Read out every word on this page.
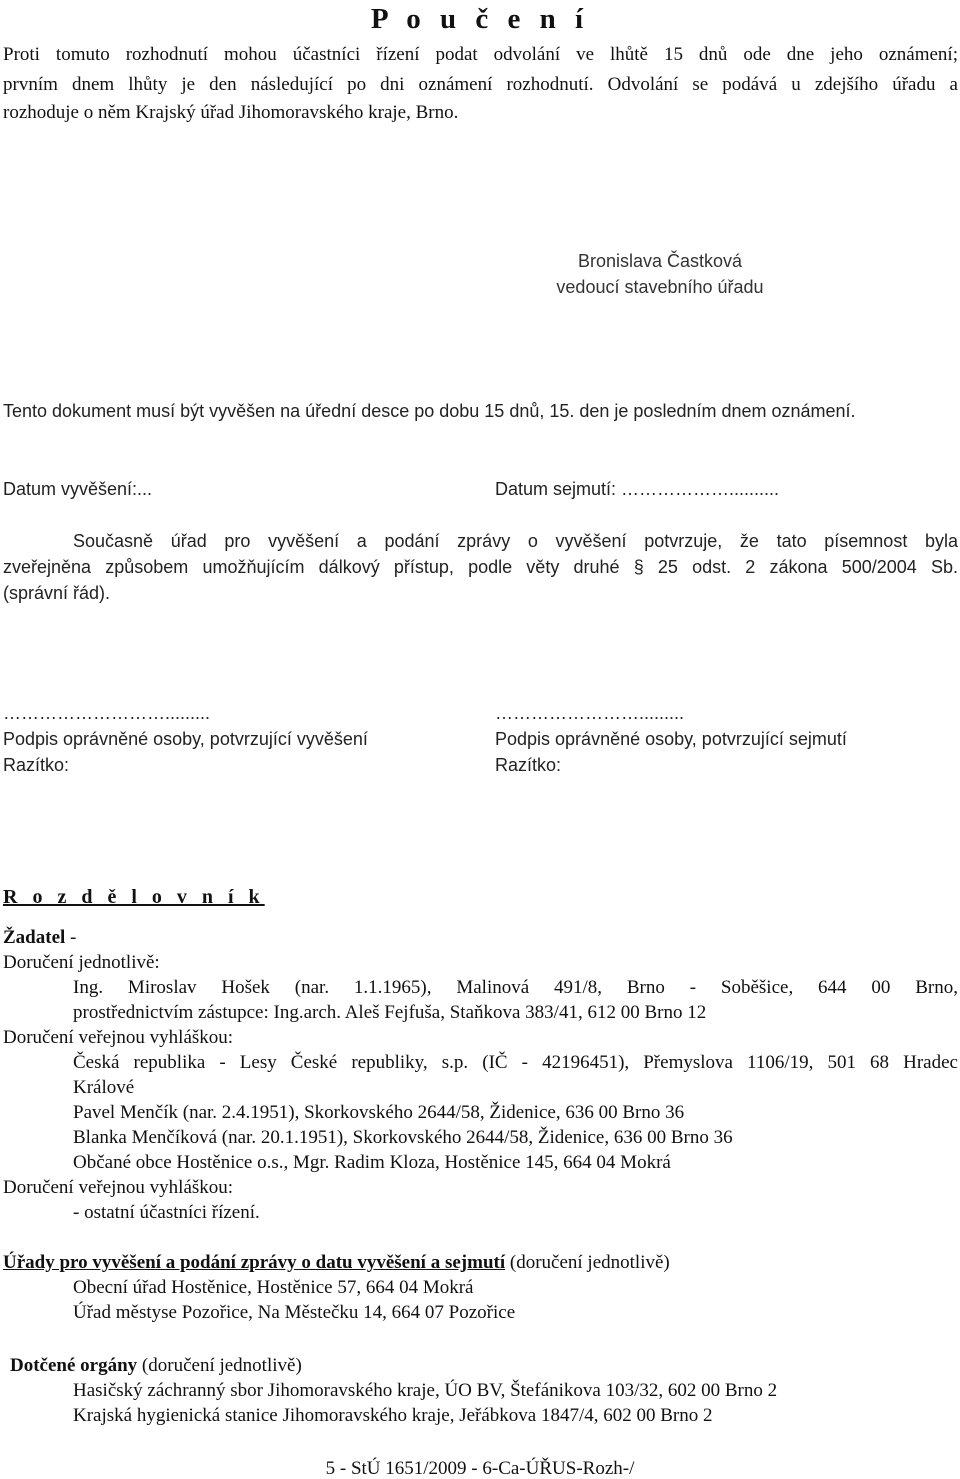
P o u č e n í
Proti tomuto rozhodnutí mohou účastníci řízení podat odvolání ve lhůtě 15 dnů ode dne jeho oznámení;
prvním dnem lhůty je den následující po dni oznámení rozhodnutí. Odvolání se podává u zdejšího úřadu a
rozhoduje o něm Krajský úřad Jihomoravského kraje, Brno.
Bronislava Častková
vedoucí stavebního úřadu
Tento dokument musí být vyvěšen na úřední desce po dobu 15 dnů, 15. den je posledním dnem oznámení.
Datum vyvěšení:...	Datum sejmutí: ………………..........
Současně úřad pro vyvěšení a podání zprávy o vyvěšení potvrzuje, že tato písemnost byla
zveřejněna způsobem umožňujícím dálkový přístup, podle věty druhé § 25 odst. 2 zákona 500/2004 Sb.
(správní řád).
……………………….........
Podpis oprávněné osoby, potvrzující vyvěšení
Razítko:
…………………….........
Podpis oprávněné osoby, potvrzující sejmutí
Razítko:
R o z d ě l o v n í k
Žadatel -
Doručení jednotlivě:
Ing. Miroslav Hošek (nar. 1.1.1965), Malinová 491/8, Brno - Soběšice, 644 00 Brno,
prostřednictvím zástupce: Ing.arch. Aleš Fejfuša, Staňkova 383/41, 612 00 Brno 12
Doručení veřejnou vyhláškou:
Česká republika - Lesy České republiky, s.p. (IČ - 42196451), Přemyslova 1106/19, 501 68 Hradec
Králové
Pavel Menčík (nar. 2.4.1951), Skorkovského 2644/58, Židenice, 636 00 Brno 36
Blanka Menčíková (nar. 20.1.1951), Skorkovského 2644/58, Židenice, 636 00 Brno 36
Občané obce Hostěnice o.s., Mgr. Radim Kloza, Hostěnice 145, 664 04 Mokrá
Doručení veřejnou vyhláškou:
- ostatní účastníci řízení.
Úřady pro vyvěšení a podání zprávy o datu vyvěšení a sejmutí (doručení jednotlivě)
Obecní úřad Hostěnice, Hostěnice 57, 664 04 Mokrá
Úřad městyse Pozořice, Na Městečku 14, 664 07 Pozořice
Dotčené orgány (doručení jednotlivě)
Hasičský záchranný sbor Jihomoravského kraje, ÚO BV, Štefánikova 103/32, 602 00 Brno 2
Krajská hygienická stanice Jihomoravského kraje, Jeřábkova 1847/4, 602 00 Brno 2
5 - StÚ 1651/2009 - 6-Ca-ÚŘUS-Rozh-/
